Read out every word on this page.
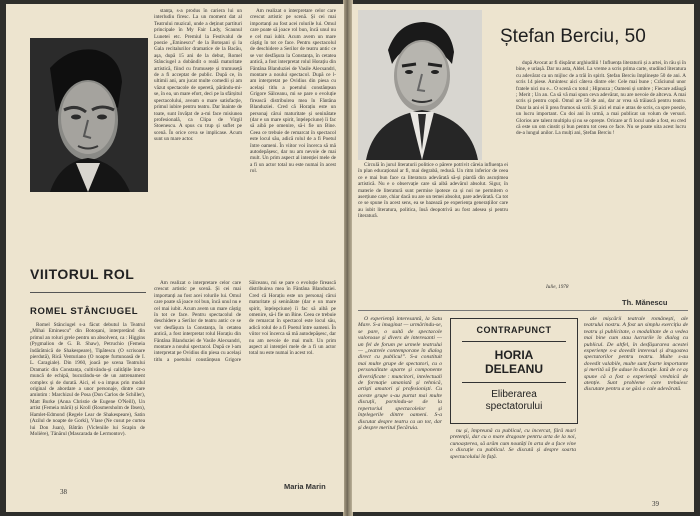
VIITORUL ROL
ROMEL STÂNCIUGEL

Romel Stânciugel s-a făcut debutul la Teatrul „Mihai Eminescu” din Botoșani, interpretând din primul an roluri grele pentru un absolvent, ca : Higgins (Pygmalion de G. B. Shaw), Petruchio (Femeia îndărătnică de Shakespeare), Tipătescu (O scrisoare pierdută), Rică Venturiano (O noapte furtunoasă de I. L. Caragiale). Din 1960, joacă pe scena Teatrului Dramatic din Constanța, cultivându-și calitățile într-o muncă de echipă, bucurându-se de un antrenament complex și de durată. Aici, el s-a impus prin modul original de abordare a unor personaje, dintre care amintim : Marchizul de Posa (Don Carlos de Schiller), Matt Burke (Anna Christie de Eugene O'Neill), Un artist (Femeia mării) și Kroll (Rosmersholm de Ibsen), Hamlet-Edmond (Regele Lear de Shakespeare), Satin (Azilul de noapte de Gorki), Vlase (Ne cusut pe curtea lui Don Juan), Bătrân (Vicleniile lui Scapin de Molière), Tânărul (Mascarada de Lermontov).

stanța, s-a produs în cariera lui un interludiu firesc. La un moment dat al Teatrului muzical, unde a deținut partituri principale în My Fair Lady, Scaunul Lunetei etc. Premiul la Festivalul de poezie „Eminescu” de la Botoșani și la Gala recitalurilor dramatice de la Bacău, așa, după 15 ani de la debut, Romel Stânciugel a dobândit o reală maturitate artistică, fiind cu frumusețe și trumuseță de a fi acceptat de public. După ce, în ultimii ani, am jucat multe comedii și am văzut spectacole de operetă, părându-mi-se, în ea, un mare efort, deci pe la sfârșitul spectacolului, aveam o mare satisfacție, primul iubire pentru teatru. Dar înainte de toate, sunt învățat de a-mi face misiunea profesională, ca Clipa de Virgil Stoenescu. A spus cu trup și suflet pe scenă. În orice ceva se implicase. Acum sunt un mare actor.

Am realizat o interpretare celor care crescut artistic pe scenă. Și cei mai importanți au fost acei rolurile lui. Omul care poate să joace rol bun, încă unul nu e cel mai iubit. Acum avem un mare câștig în tot ce face. Pentru spectacolul de deschidere a Serilor de teatru antic ce se vor desfășura la Constanța, în cetatea antică, a fost interpretat rolul Horațiu din Fântâna Blanduziei de Vasile Alecsandri, montare a noului spectacol. După ce l-am interpretat pe Ovidius din piesa cu același titlu a poetului constănțean Grigore Sălceanu, mi se pare o evoluție firească distribuirea mea în Fântâna Blanduziei. Cred că Horațiu este un personaj cărui maturitate și seninătate (dar e un mare spirit, înțelepciune) îi fac să aibă pe omenire, să-i fie un Bine. Ceea ce trebuie de remarcat în spectacol este locul său, adică rolul de a fi Poetul între oameni. În viitor voi încerca să mă autodepășesc, dar nu am nevoie de mai mult. Un prim aspect al intenției mele de a fi un actor total nu este numai în acest rol.

Am realizat o interpretare celor care crescut artistic pe scenă. Și cei mai importanți au fost acei rolurile lui. Omul care poate să joace rol bun, încă unul nu e cel mai iubit. Acum avem un mare câștig în tot ce face. Pentru spectacolul de deschidere a Serilor de teatru antic ce se vor desfășura la Constanța, în cetatea antică, a fost interpretat rolul Horațiu din Fântâna Blanduziei de Vasile Alecsandri, montare a noului spectacol. După ce l-am interpretat pe Ovidius din piesa cu același titlu a poetului constănțean Grigore Sălceanu, mi se pare o evoluție firească distribuirea mea în Fântâna Blanduziei. Cred că Horațiu este un personaj cărui maturitate și seninătate (dar e un mare spirit, înțelepciune) îi fac să aibă pe omenire, să-i fie un Bine. Ceea ce trebuie de remarcat în spectacol este locul său, adică rolul de a fi Poetul între oameni. În viitor voi încerca să mă autodepășesc, dar nu am nevoie de mai mult. Un prim aspect al intenției mele de a fi un actor total nu este numai în acest rol.

Maria Marin
38
Ștefan Berciu, 50

Circulă în jurul literaturii politice o părere potrivit căreia influența ei în plan educațional ar fi, mai degrabă, redusă. Un ritm inferior de ceea ce e mai bun face ca literatura adevărată să-și piardă din ascuțimea artistică. Nu e o observație care să aibă adevărul absolut. Sigur, în materie de literatură sunt permise ipoteze ca și noi ne permitem o aserțiune care, chiar dacă nu are un temei absolut, pare adevărată. Ca tot ce se spune în acest sens, ea se bazează pe experiența generațiilor care au iubit literatura, politica, însă deopotrivă au fost adesea și pentru literatură.

după Avocat ar fi dispărut arghiudilii ! Influența literaturii și a artei, în rău și în bine, e uriașă. Dar nu asta, Aldel. La vreme a scris prima carte, studiind literatura cu adevărat ca un mijloc de a trăi în spirit. Ștefan Berciu împlinește 50 de ani. A scris 14 piese. Amintesc aici câteva dintre ele: Cele mai bune ; Crăciunul unor fratele nici nu e... O scenă cu totul ; Hipnoza ; Oameni și umbre ; Fiecare adăugă ; Merit ; Un an. Ca să vă mai spun ceva adevărat, nu are nevoie de altceva. A mai scris și pentru copii. Omul are 50 de ani, dar ar vrea să trăiască pentru teatru. Doar la ani ei îi prea frumos să scrii. Și aici el mai e atras de scris, ca spre poezie, un lucru important. Cu doi ani în urmă, a mai publicat un volum de versuri. Glorios are talent multiplu și nu se oprește. Oricare ar fi locul unde a fost, eu cred că este un om cinstit și bun pentru tot ceea ce face. Nu se poate uita acest lucru de-a lungul anilor. La mulți ani, Ștefan Berciu !

Iulie, 1978
Th. Mănescu

O experiență interesantă, la Satu Mare. S-a imaginat — urmărindu-se, se pare, o suită de spectacole valoroase și divers de interesanti — un fel de forum pe urmele teatrului — „teatrele contemporane în dialog direct cu publicul”. S-a constituit mai multe grupe de spectatori, cu o personalitate aparte și componente diversificate : muncitori, intelectuali de formație umanistă și tehnică, artiști amatori și profesioniști. Cu aceste grupe s-au purtat mai multe discuții, pornindu-se de la repertoriul spectacolelor și înțelegerile dintre oameni. S-a discutat despre teatru ca un tot, dar și despre meritul fiecăruia.

CONTRAPUNCT
HORIA DELEANU
Eliberarea spectatorului

nu și, împreună cu publicul, cu incercat, fără mari pretenții, dar cu o mare dragoste pentru arta de la noi, cunoașterea, să arăm cum noutăți în arta de a face vine o discuție cu publicul. Se discută și despre soarta spectacolului în față.

ale mișcării teatrale românești, ale teatrului nostru. A fost un simplu exercițiu de teatru și publicitate, o modalitate de a vedea mai bine cum stau lucrurile în dialog cu publicul. De altfel, în desfășurarea acestei experiențe s-a dovedit interesul și dragostea spectatorilor pentru teatru. Multe s-au dovedit valabile, multe sunt foarte importante și merită să fie aduse în discuție. Iată de ce aș spune că a fost o experiență vrednică de atenție. Sunt probleme care trebuiesc discutate pentru a se găsi o cale adevărată.

39
